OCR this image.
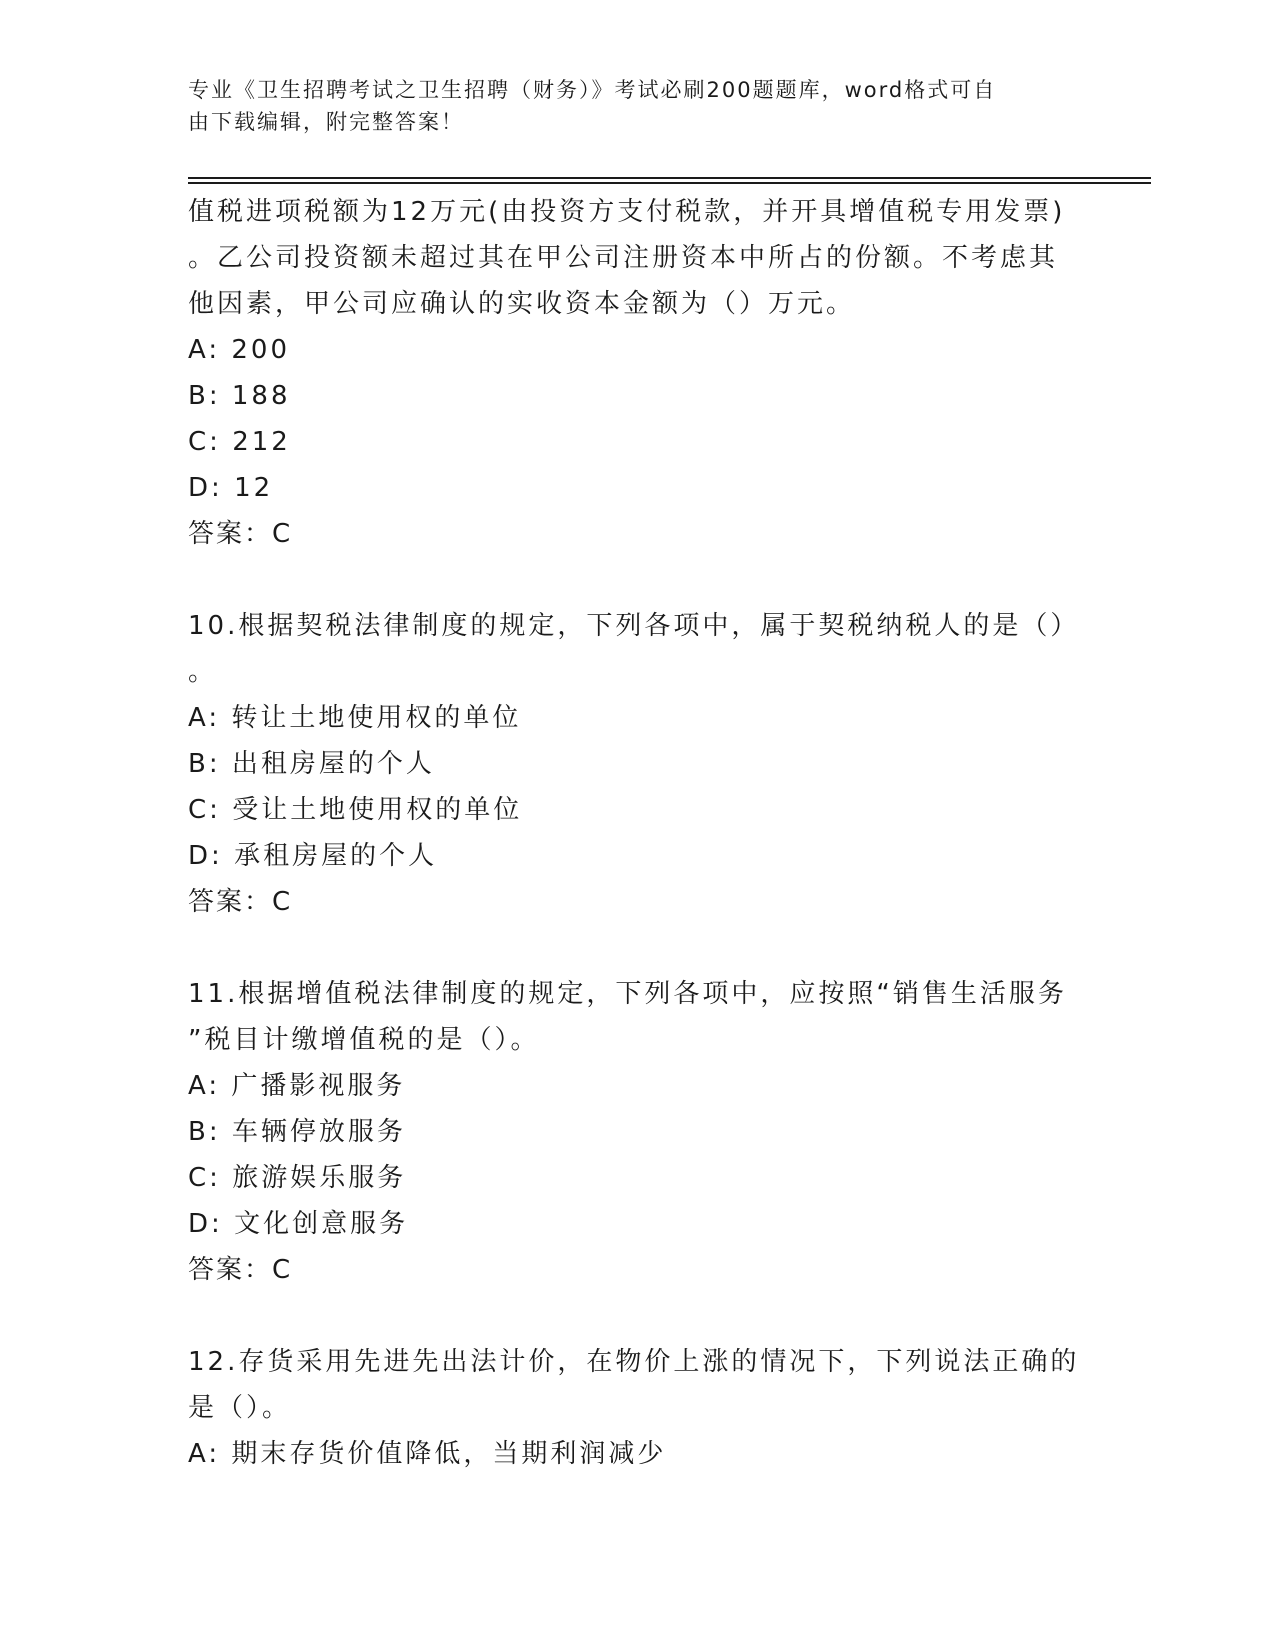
专业《卫生招聘考试之卫生招聘（财务）》考试必刷200题题库，word格式可自
由下载编辑，附完整答案！
值税进项税额为12万元(由投资方支付税款，并开具增值税专用发票)
。乙公司投资额未超过其在甲公司注册资本中所占的份额。不考虑其
他因素，甲公司应确认的实收资本金额为（）万元。
A: 200
B: 188
C: 212
D: 12
答案：C
10.根据契税法律制度的规定，下列各项中，属于契税纳税人的是（）
。
A: 转让土地使用权的单位
B: 出租房屋的个人
C: 受让土地使用权的单位
D: 承租房屋的个人
答案：C
11.根据增值税法律制度的规定，下列各项中，应按照“销售生活服务
”税目计缴增值税的是（）。
A: 广播影视服务
B: 车辆停放服务
C: 旅游娱乐服务
D: 文化创意服务
答案：C
12.存货采用先进先出法计价，在物价上涨的情况下，下列说法正确的
是（）。
A: 期末存货价值降低，当期利润减少
